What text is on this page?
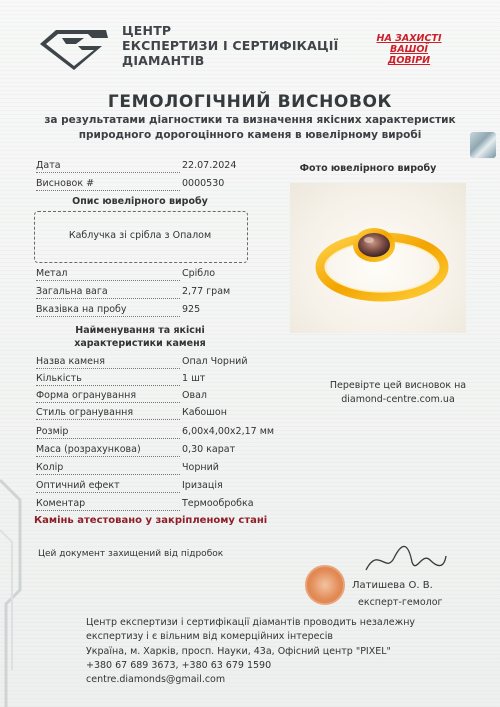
ЦЕНТР
ЕКСПЕРТИЗИ І СЕРТИФІКАЦІЇ
ДІАМАНТІВ
НА ЗАХИСТІ
ВАШОЇ
ДОВІРИ
ГЕМОЛОГІЧНИЙ ВИСНОВОК
за результатами діагностики та визначення якісних характеристик
природного дорогоцінного каменя в ювелірному виробі
Дата	22.07.2024
Висновок #	0000530
Опис ювелірного виробу
Каблучка зі срібла з Опалом
Метал	Срібло
Загальна вага	2,77 грам
Вказівка на пробу	925
Найменування та якісні
характеристики каменя
Назва каменя	Опал Чорний
Кількість	1 шт
Форма огранування	Овал
Стиль огранування	Кабошон
Розмір	6,00x4,00x2,17 мм
Маса (розрахункова)	0,30 карат
Колір	Чорний
Оптичний ефект	Іризація
Коментар	Термообробка
Камінь атестовано у закріпленому стані
Фото ювелірного виробу
Перевірте цей висновок на
diamond-centre.com.ua
Цей документ захищений від підробок
Латишева О. В.
експерт-гемолог
Центр експертизи і сертифікації діамантів проводить незалежну
експертизу і є вільним від комерційних інтересів
Україна, м. Харків, просп. Науки, 43а, Офісний центр "PIXEL"
+380 67 689 3673, +380 63 679 1590
centre.diamonds@gmail.com
